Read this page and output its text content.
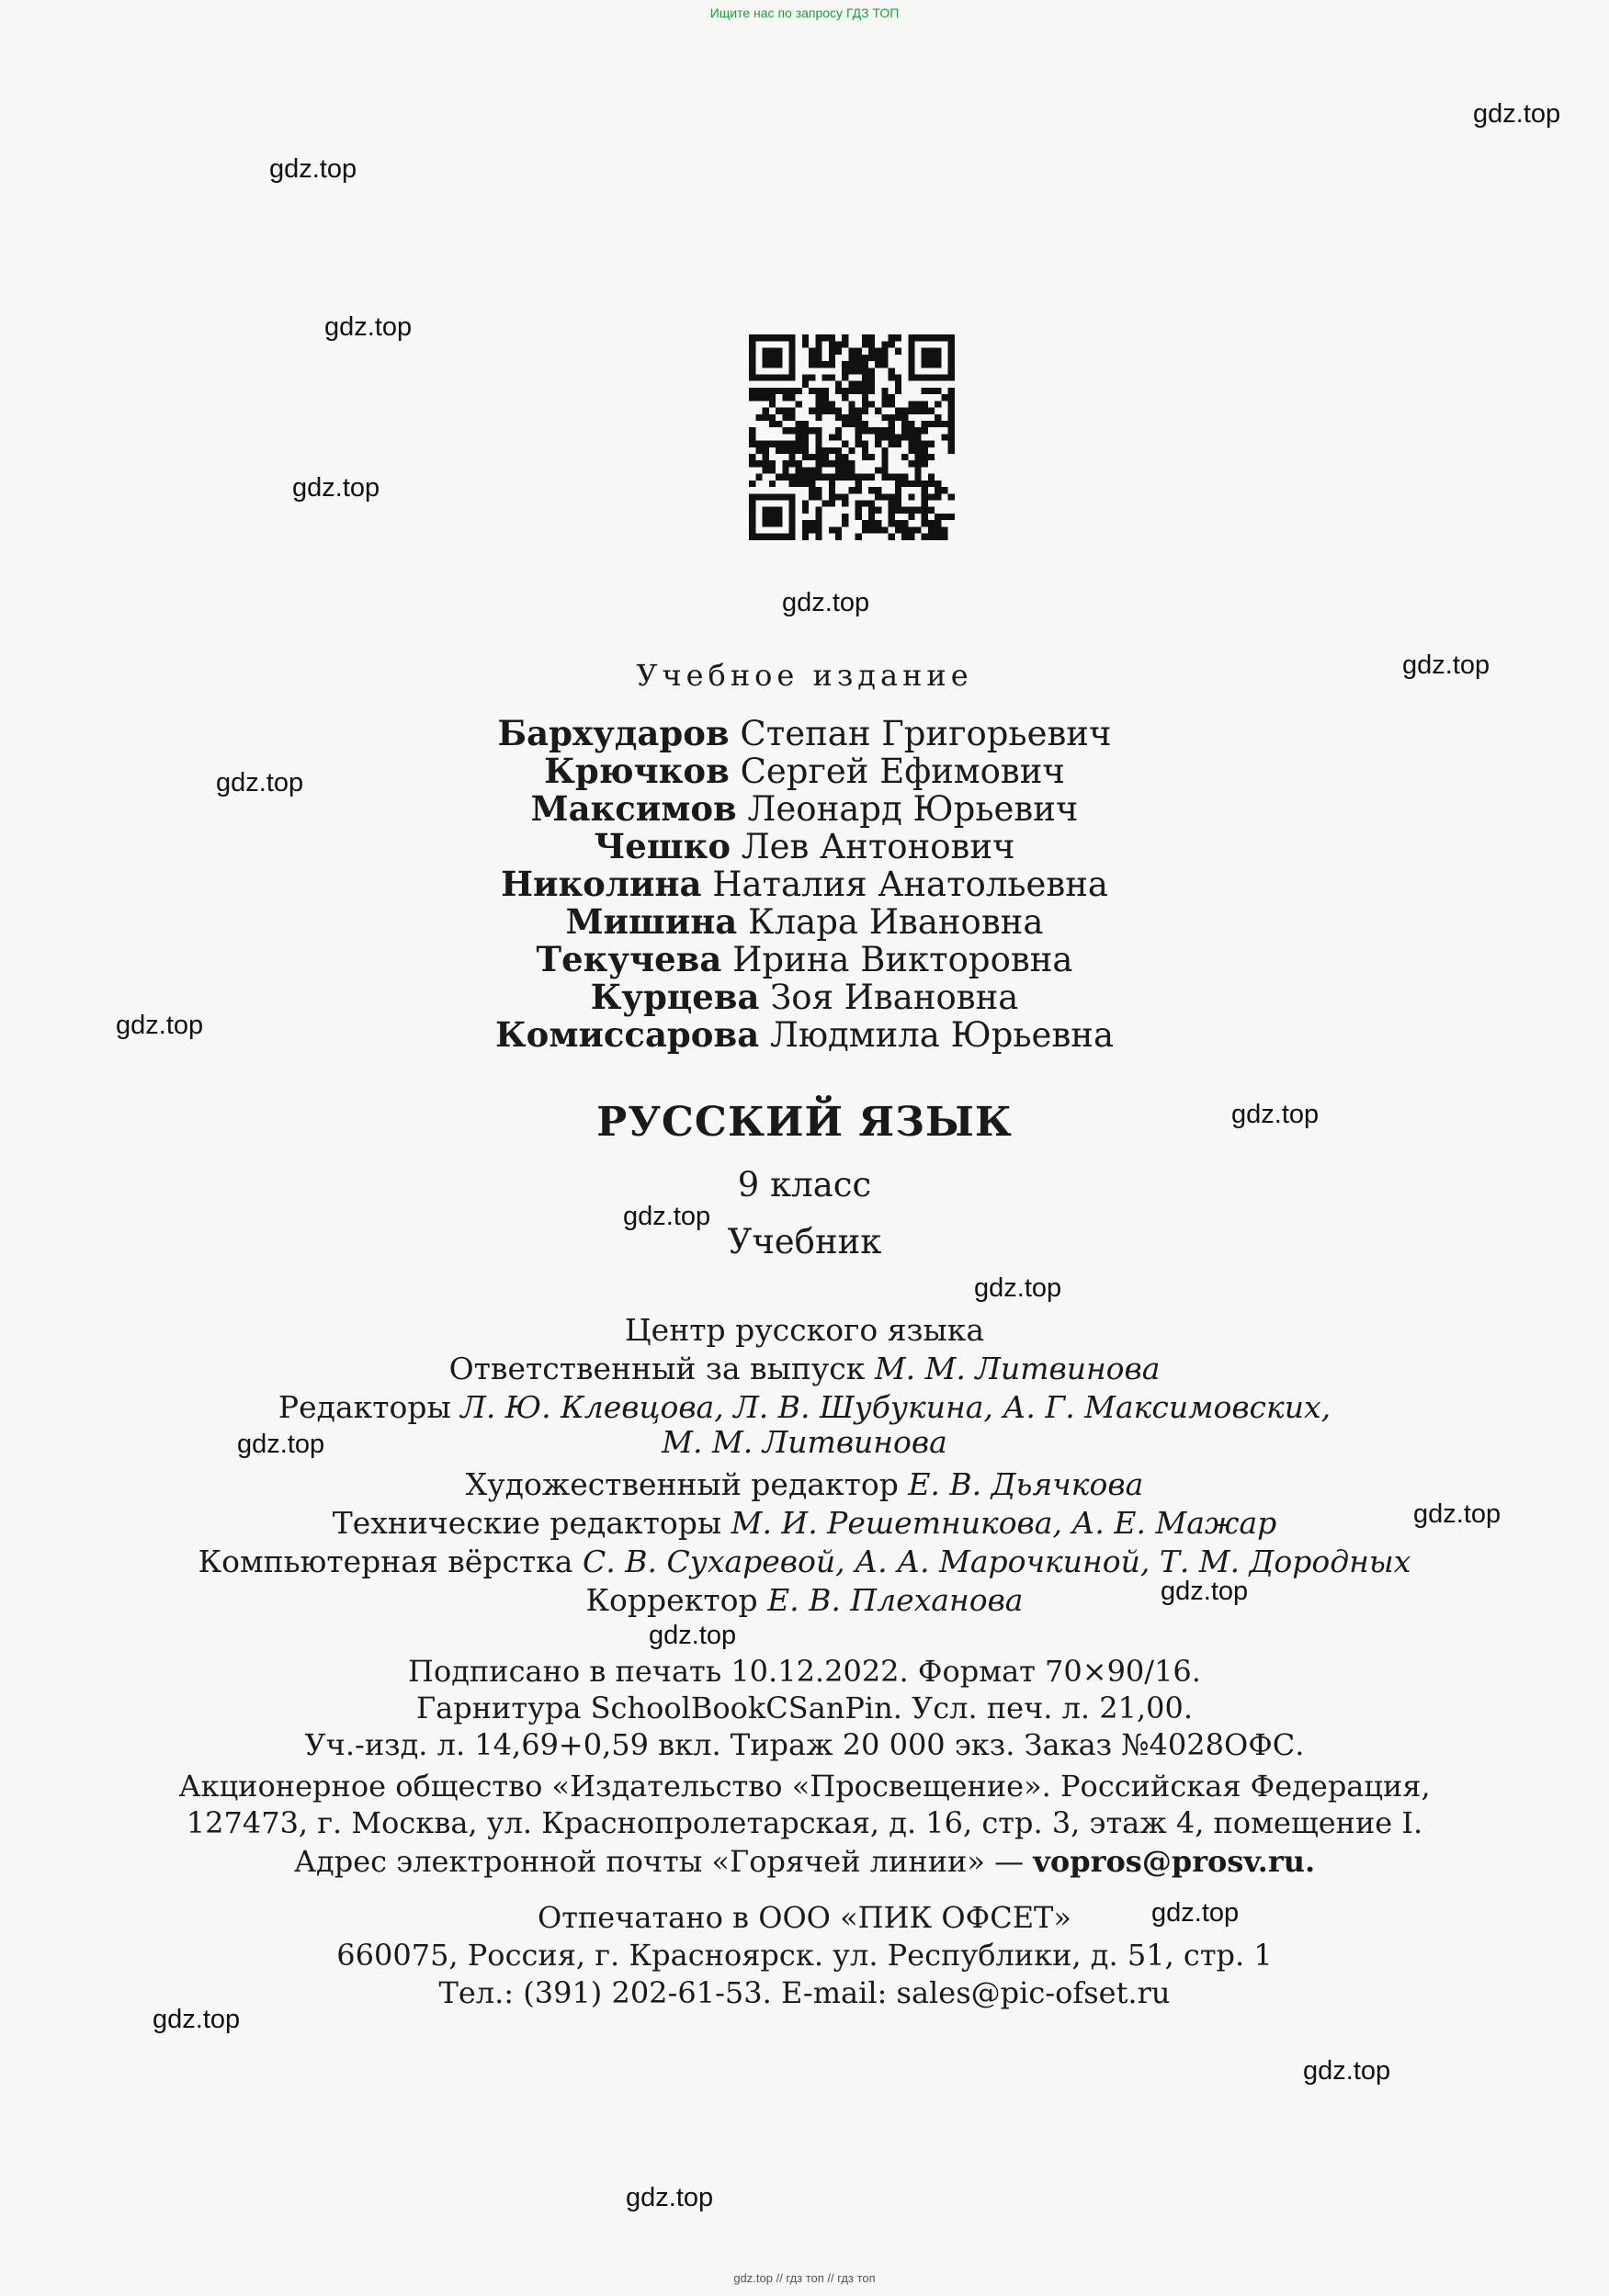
Ищите нас по запросу ГДЗ ТОП
gdz.top
gdz.top
gdz.top
gdz.top
gdz.top
gdz.top
gdz.top
gdz.top
gdz.top
gdz.top
gdz.top
gdz.top
gdz.top
gdz.top
gdz.top
gdz.top
gdz.top
gdz.top
gdz.top
Учебное издание
Бархударов Степан Григорьевич
Крючков Сергей Ефимович
Максимов Леонард Юрьевич
Чешко Лев Антонович
Николина Наталия Анатольевна
Мишина Клара Ивановна
Текучева Ирина Викторовна
Курцева Зоя Ивановна
Комиссарова Людмила Юрьевна
РУССКИЙ ЯЗЫК
9 класс
Учебник
Центр русского языка
Ответственный за выпуск М. М. Литвинова
Редакторы Л. Ю. Клевцова, Л. В. Шубукина, А. Г. Максимовских,
М. М. Литвинова
Художественный редактор Е. В. Дьячкова
Технические редакторы М. И. Решетникова, А. Е. Мажар
Компьютерная вёрстка С. В. Сухаревой, А. А. Марочкиной, Т. М. Дородных
Корректор Е. В. Плеханова
Подписано в печать 10.12.2022. Формат 70×90/16.
Гарнитура SchoolBookCSanPin. Усл. печ. л. 21,00.
Уч.-изд. л. 14,69+0,59 вкл. Тираж 20 000 экз. Заказ №4028ОФС.
Акционерное общество «Издательство «Просвещение». Российская Федерация,
127473, г. Москва, ул. Краснопролетарская, д. 16, стр. 3, этаж 4, помещение I.
Адрес электронной почты «Горячей линии» — vopros@prosv.ru.
Отпечатано в ООО «ПИК ОФСЕТ»
660075, Россия, г. Красноярск. ул. Республики, д. 51, стр. 1
Тел.: (391) 202-61-53. E-mail: sales@pic-ofset.ru
gdz.top // гдз топ // гдз топ
